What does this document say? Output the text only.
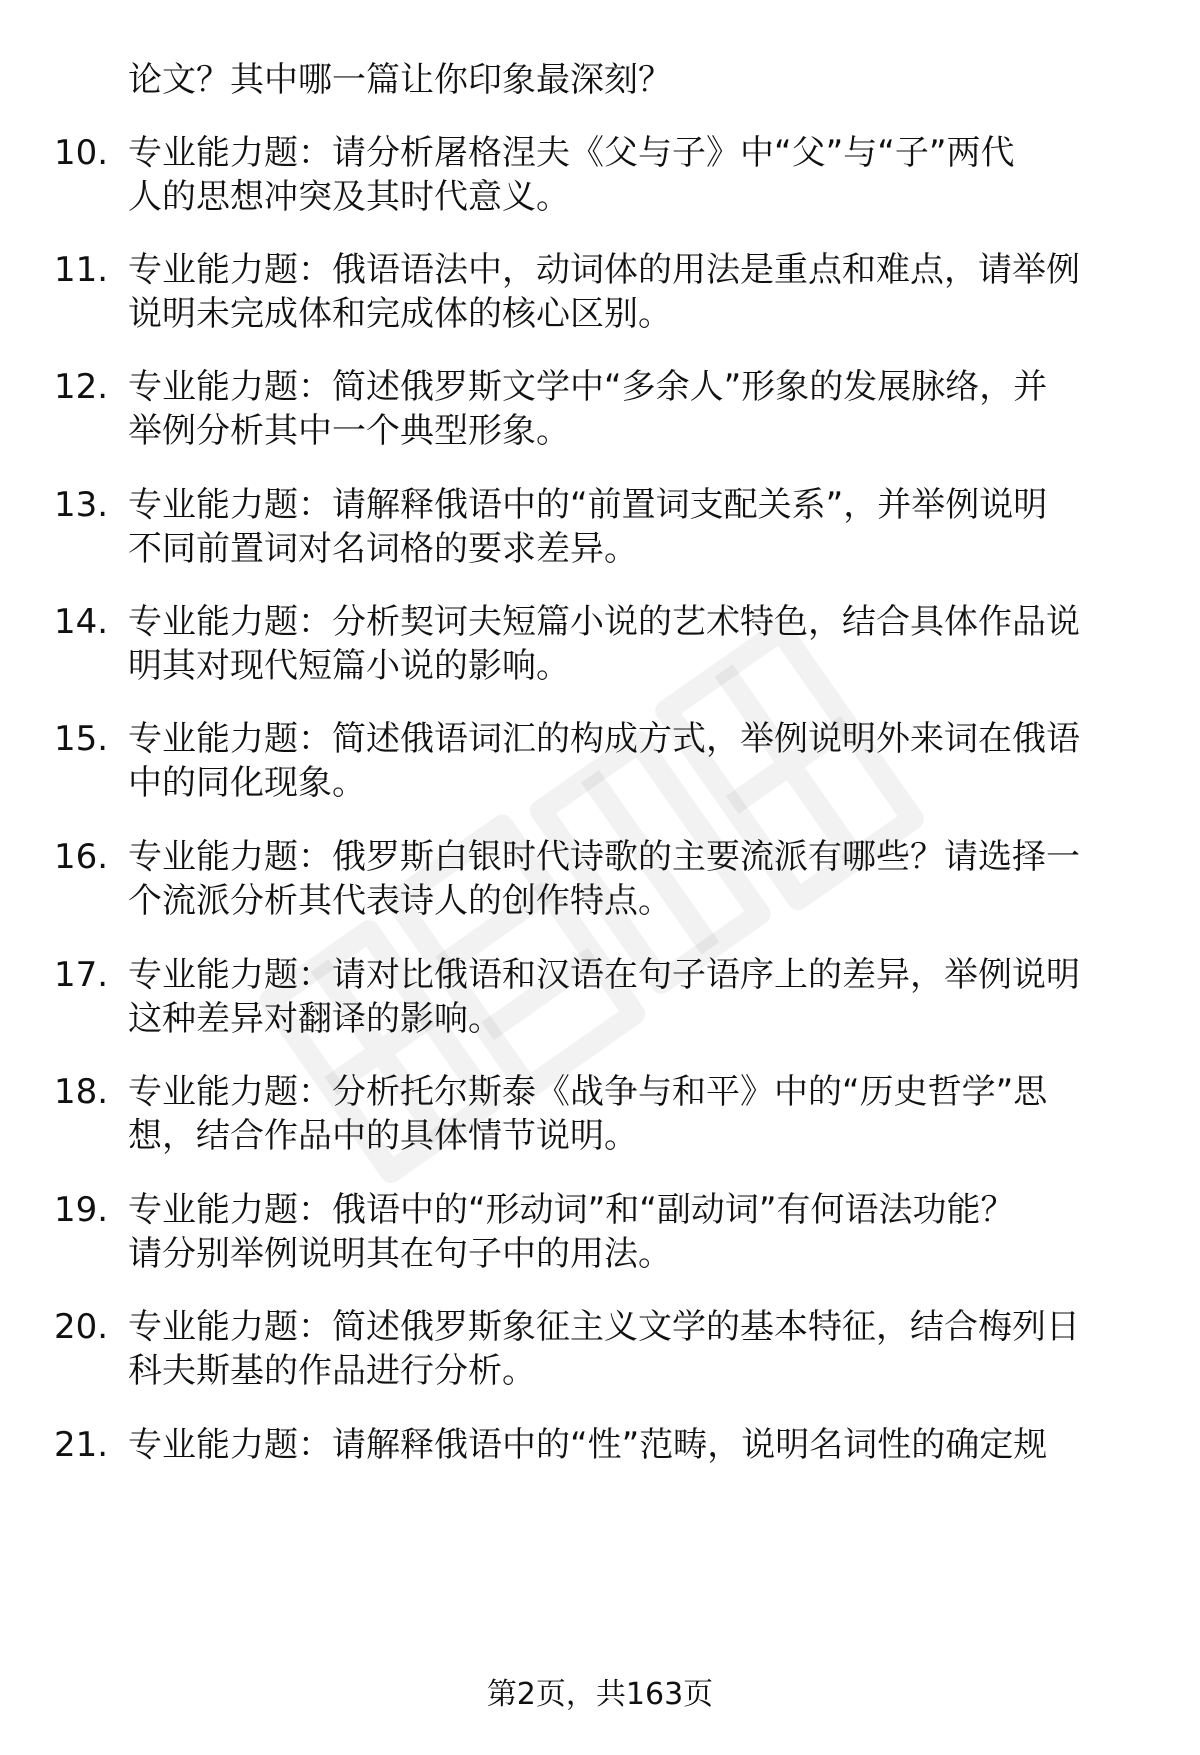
论文？其中哪一篇让你印象最深刻？
10. 专业能力题：请分析屠格涅夫《父与子》中“父”与“子”两代
人的思想冲突及其时代意义。
11. 专业能力题：俄语语法中，动词体的用法是重点和难点，请举例
说明未完成体和完成体的核心区别。
12. 专业能力题：简述俄罗斯文学中“多余人”形象的发展脉络，并
举例分析其中一个典型形象。
13. 专业能力题：请解释俄语中的“前置词支配关系”，并举例说明
不同前置词对名词格的要求差异。
14. 专业能力题：分析契诃夫短篇小说的艺术特色，结合具体作品说
明其对现代短篇小说的影响。
15. 专业能力题：简述俄语词汇的构成方式，举例说明外来词在俄语
中的同化现象。
16. 专业能力题：俄罗斯白银时代诗歌的主要流派有哪些？请选择一
个流派分析其代表诗人的创作特点。
17. 专业能力题：请对比俄语和汉语在句子语序上的差异，举例说明
这种差异对翻译的影响。
18. 专业能力题：分析托尔斯泰《战争与和平》中的“历史哲学”思
想，结合作品中的具体情节说明。
19. 专业能力题：俄语中的“形动词”和“副动词”有何语法功能？
请分别举例说明其在句子中的用法。
20. 专业能力题：简述俄罗斯象征主义文学的基本特征，结合梅列日
科夫斯基的作品进行分析。
21. 专业能力题：请解释俄语中的“性”范畴，说明名词性的确定规
第2页，共163页
